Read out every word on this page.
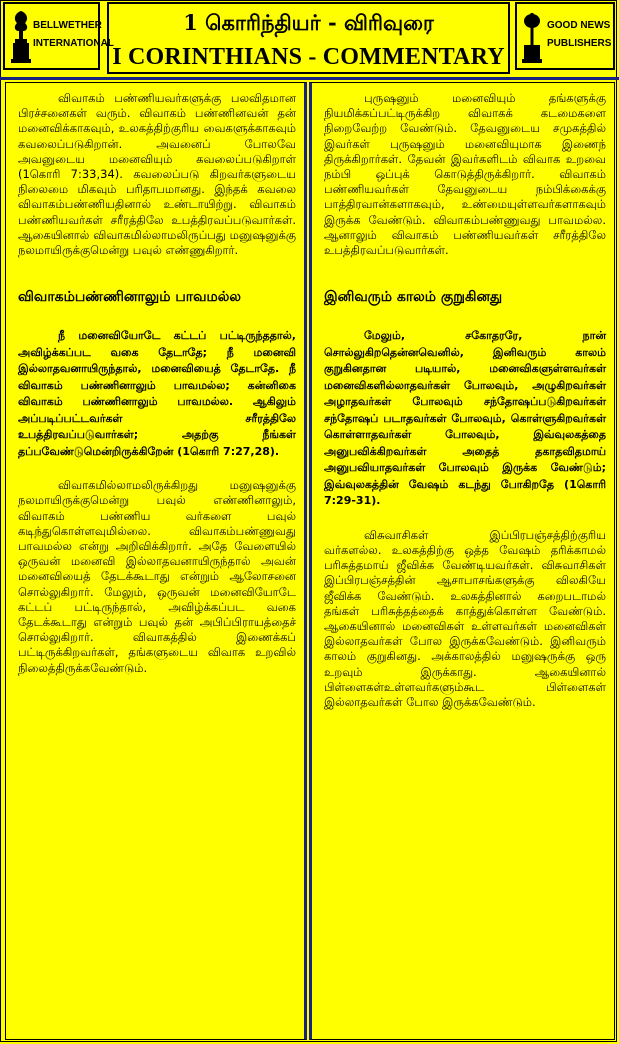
BELLWETHER
INTERNATIONAL
1 கொரிந்தியர் - விரிவுரை
I CORINTHIANS - COMMENTARY
GOOD NEWS
PUBLISHERS

விவாகம் பண்ணியவர்களுக்கு பலவிதமான பிரச்சனைகள் வரும். விவாகம் பண்ணினவன் தன் மனைவிக்காகவும், உலகத்திற்குரிய வைகளுக்காகவும் கவலைப்படுகிறான். அவனைப் போலவே அவனுடைய மனைவியும் கவலைப்படுகிறாள் (1கொரி 7:33,34). கவலைப்படு கிறவர்களுடைய நிலைமை மிகவும் பரிதாபமானது. இந்தக் கவலை விவாகம்பண்ணியதினால் உண்டாயிற்று. விவாகம் பண்ணியவர்கள் சரீரத்திலே உபத்திரவப்படுவார்கள். ஆகையினால் விவாகமில்லாமலிருப்பது மனுஷனுக்கு நலமாயிருக்குமென்று பவுல் எண்ணுகிறார்.

விவாகம்பண்ணினாலும் பாவமல்ல

நீ மனைவியோடே கட்டப் பட்டிருந்ததால், அவிழ்க்கப்பட வகை தேடாதே; நீ மனைவி இல்லாதவனாயிருந்தால், மனைவியைத் தேடாதே. நீ விவாகம் பண்ணினாலும் பாவமல்ல; கன்னிகை விவாகம் பண்ணினாலும் பாவமல்ல. ஆகிலும் அப்படிப்பட்டவர்கள் சரீரத்திலே உபத்திரவப்படுவார்கள்; அதற்கு நீங்கள் தப்பவேண்டுமென்றிருக்கிறேன் (1கொரி 7:27,28).

விவாகமில்லாமலிருக்கிறது மனுஷனுக்கு நலமாயிருக்குமென்று பவுல் எண்ணினாலும், விவாகம் பண்ணிய வர்களை பவுல் கடிந்துகொள்ளவுமில்லை. விவாகம்பண்ணுவது பாவமல்ல என்று அறிவிக்கிறார். அதே வேளையில் ஒருவன் மனைவி இல்லாதவனாயிருந்தால் அவன் மனைவியைத் தேடக்கூடாது என்றும் ஆலோசனை சொல்லுகிறார். மேலும், ஒருவன் மனைவியோடே கட்டப் பட்டிருந்தால், அவிழ்க்கப்பட வகை தேடக்கூடாது என்றும் பவுல் தன் அபிப்பிராயத்தைச் சொல்லுகிறார். விவாகத்தில் இணைக்கப் பட்டிருக்கிறவர்கள், தங்களுடைய விவாக உறவில் நிலைத்திருக்கவேண்டும்.

புருஷனும் மனைவியும் தங்களுக்கு நியமிக்கப்பட்டிருக்கிற விவாகக் கடமைகளை நிறைவேற்ற வேண்டும். தேவனுடைய சமுகத்தில் இவர்கள் புருஷனும் மனைவியுமாக இணைந் திருக்கிறார்கள். தேவன் இவர்களிடம் விவாக உறவை நம்பி ஒப்புக் கொடுத்திருக்கிறார். விவாகம் பண்ணியவர்கள் தேவனுடைய நம்பிக்கைக்கு பாத்திரவான்களாகவும், உண்மையுள்ளவர்களாகவும் இருக்க வேண்டும். விவாகம்பண்ணுவது பாவமல்ல. ஆனாலும் விவாகம் பண்ணியவர்கள் சரீரத்திலே உபத்திரவப்படுவார்கள்.

இனிவரும் காலம் குறுகினது

மேலும், சகோதரரே, நான் சொல்லுகிறதென்னவெனில், இனிவரும் காலம் குறுகினதான படியால், மனைவிகளுள்ளவர்கள் மனைவிகளில்லாதவர்கள் போலவும், அழுகிறவர்கள் அழாதவர்கள் போலவும் சந்தோஷப்படுகிறவர்கள் சந்தோஷப் படாதவர்கள் போலவும், கொள்ளுகிறவர்கள் கொள்ளாதவர்கள் போலவும், இவ்வுலகத்தை அனுபவிக்கிறவர்கள் அதைத் தகாதவிதமாய் அனுபவியாதவர்கள் போலவும் இருக்க வேண்டும்; இவ்வுலகத்தின் வேஷம் கடந்து போகிறதே (1கொரி 7:29-31).

விசுவாசிகள் இப்பிரபஞ்சத்திற்குரிய வர்களல்ல. உலகத்திற்கு ஒத்த வேஷம் தரிக்காமல் பரிசுத்தமாய் ஜீவிக்க வேண்டியவர்கள். விசுவாசிகள் இப்பிரபஞ்சத்தின் ஆசாபாசங்களுக்கு விலகியே ஜீவிக்க வேண்டும். உலகத்தினால் கறைபடாமல் தங்கள் பரிசுத்தத்தைக் காத்துக்கொள்ள வேண்டும். ஆகையினால் மனைவிகள் உள்ளவர்கள் மனைவிகள் இல்லாதவர்கள் போல இருக்கவேண்டும். இனிவரும் காலம் குறுகினது. அக்காலத்தில் மனுஷருக்கு ஒரு உறவும் இருக்காது. ஆகையினால் பிள்ளைகள்உள்ளவர்களும்கூட பிள்ளைகள் இல்லாதவர்கள் போல இருக்கவேண்டும்.
